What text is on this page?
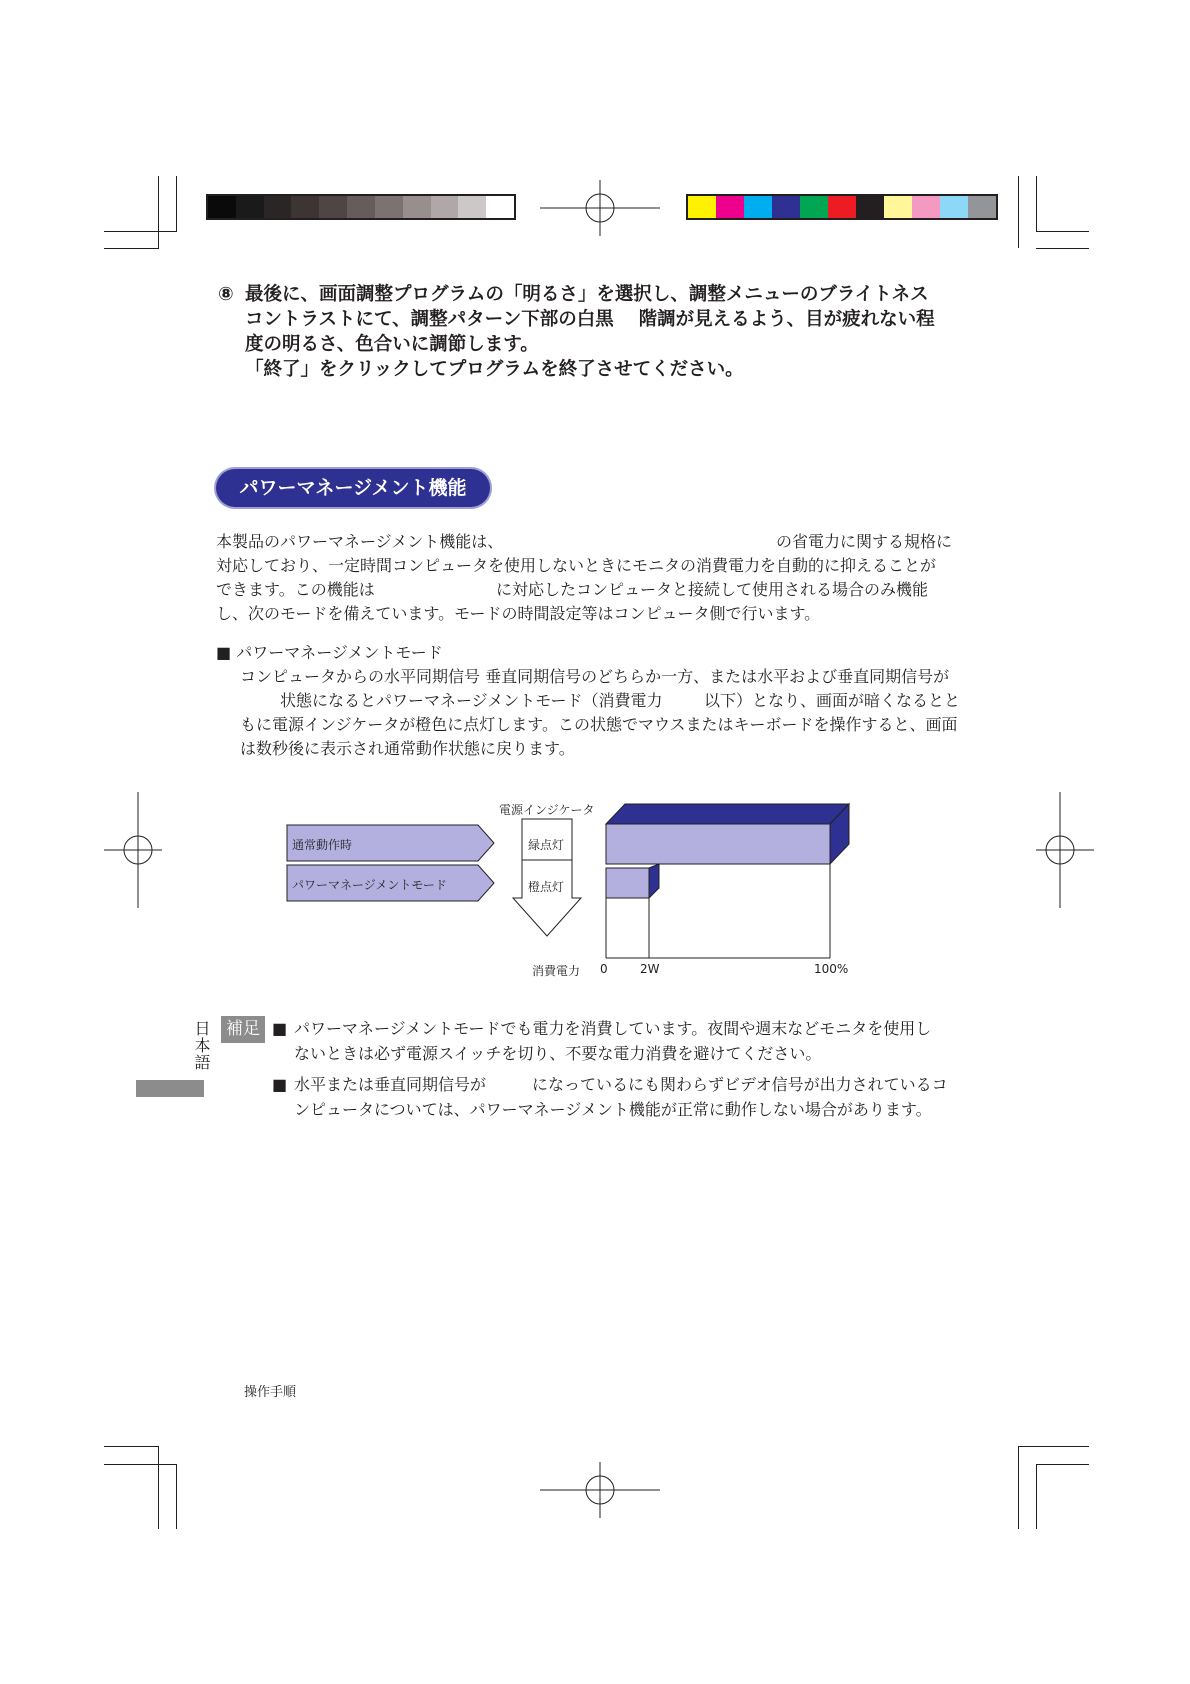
⑧ 最後に、画面調整プログラムの「明るさ」を選択し、調整メニューのブライトネス
コントラストにて、調整パターン下部の白黒　 階調が見えるよう、目が疲れない程
度の明るさ、色合いに調節します。
「終了」をクリックしてプログラムを終了させてください。
パワーマネージメント機能
本製品のパワーマネージメント機能は、	の省電力に関する規格に
対応しており、一定時間コンピュータを使用しないときにモニタの消費電力を自動的に抑えることが
できます。この機能は	に対応したコンピュータと接続して使用される場合のみ機能
し、次のモードを備えています。モードの時間設定等はコンピュータ側で行います。
■ パワーマネージメントモード
コンピュータからの水平同期信号 垂直同期信号のどちらか一方、または水平および垂直同期信号が
状態になるとパワーマネージメントモード（消費電力	以下）となり、画面が暗くなるとと
もに電源インジケータが橙色に点灯します。この状態でマウスまたはキーボードを操作すると、画面
は数秒後に表示され通常動作状態に戻ります。
通常動作時
パワーマネージメントモード
電源インジケータ
緑点灯
橙点灯
消費電力 0	2W	100%
日本語 補足 ■ パワーマネージメントモードでも電力を消費しています。夜間や週末などモニタを使用し
ないときは必ず電源スイッチを切り、不要な電力消費を避けてください。
■ 水平または垂直同期信号が	になっているにも関わらずビデオ信号が出力されているコ
ンピュータについては、パワーマネージメント機能が正常に動作しない場合があります。
操作手順
